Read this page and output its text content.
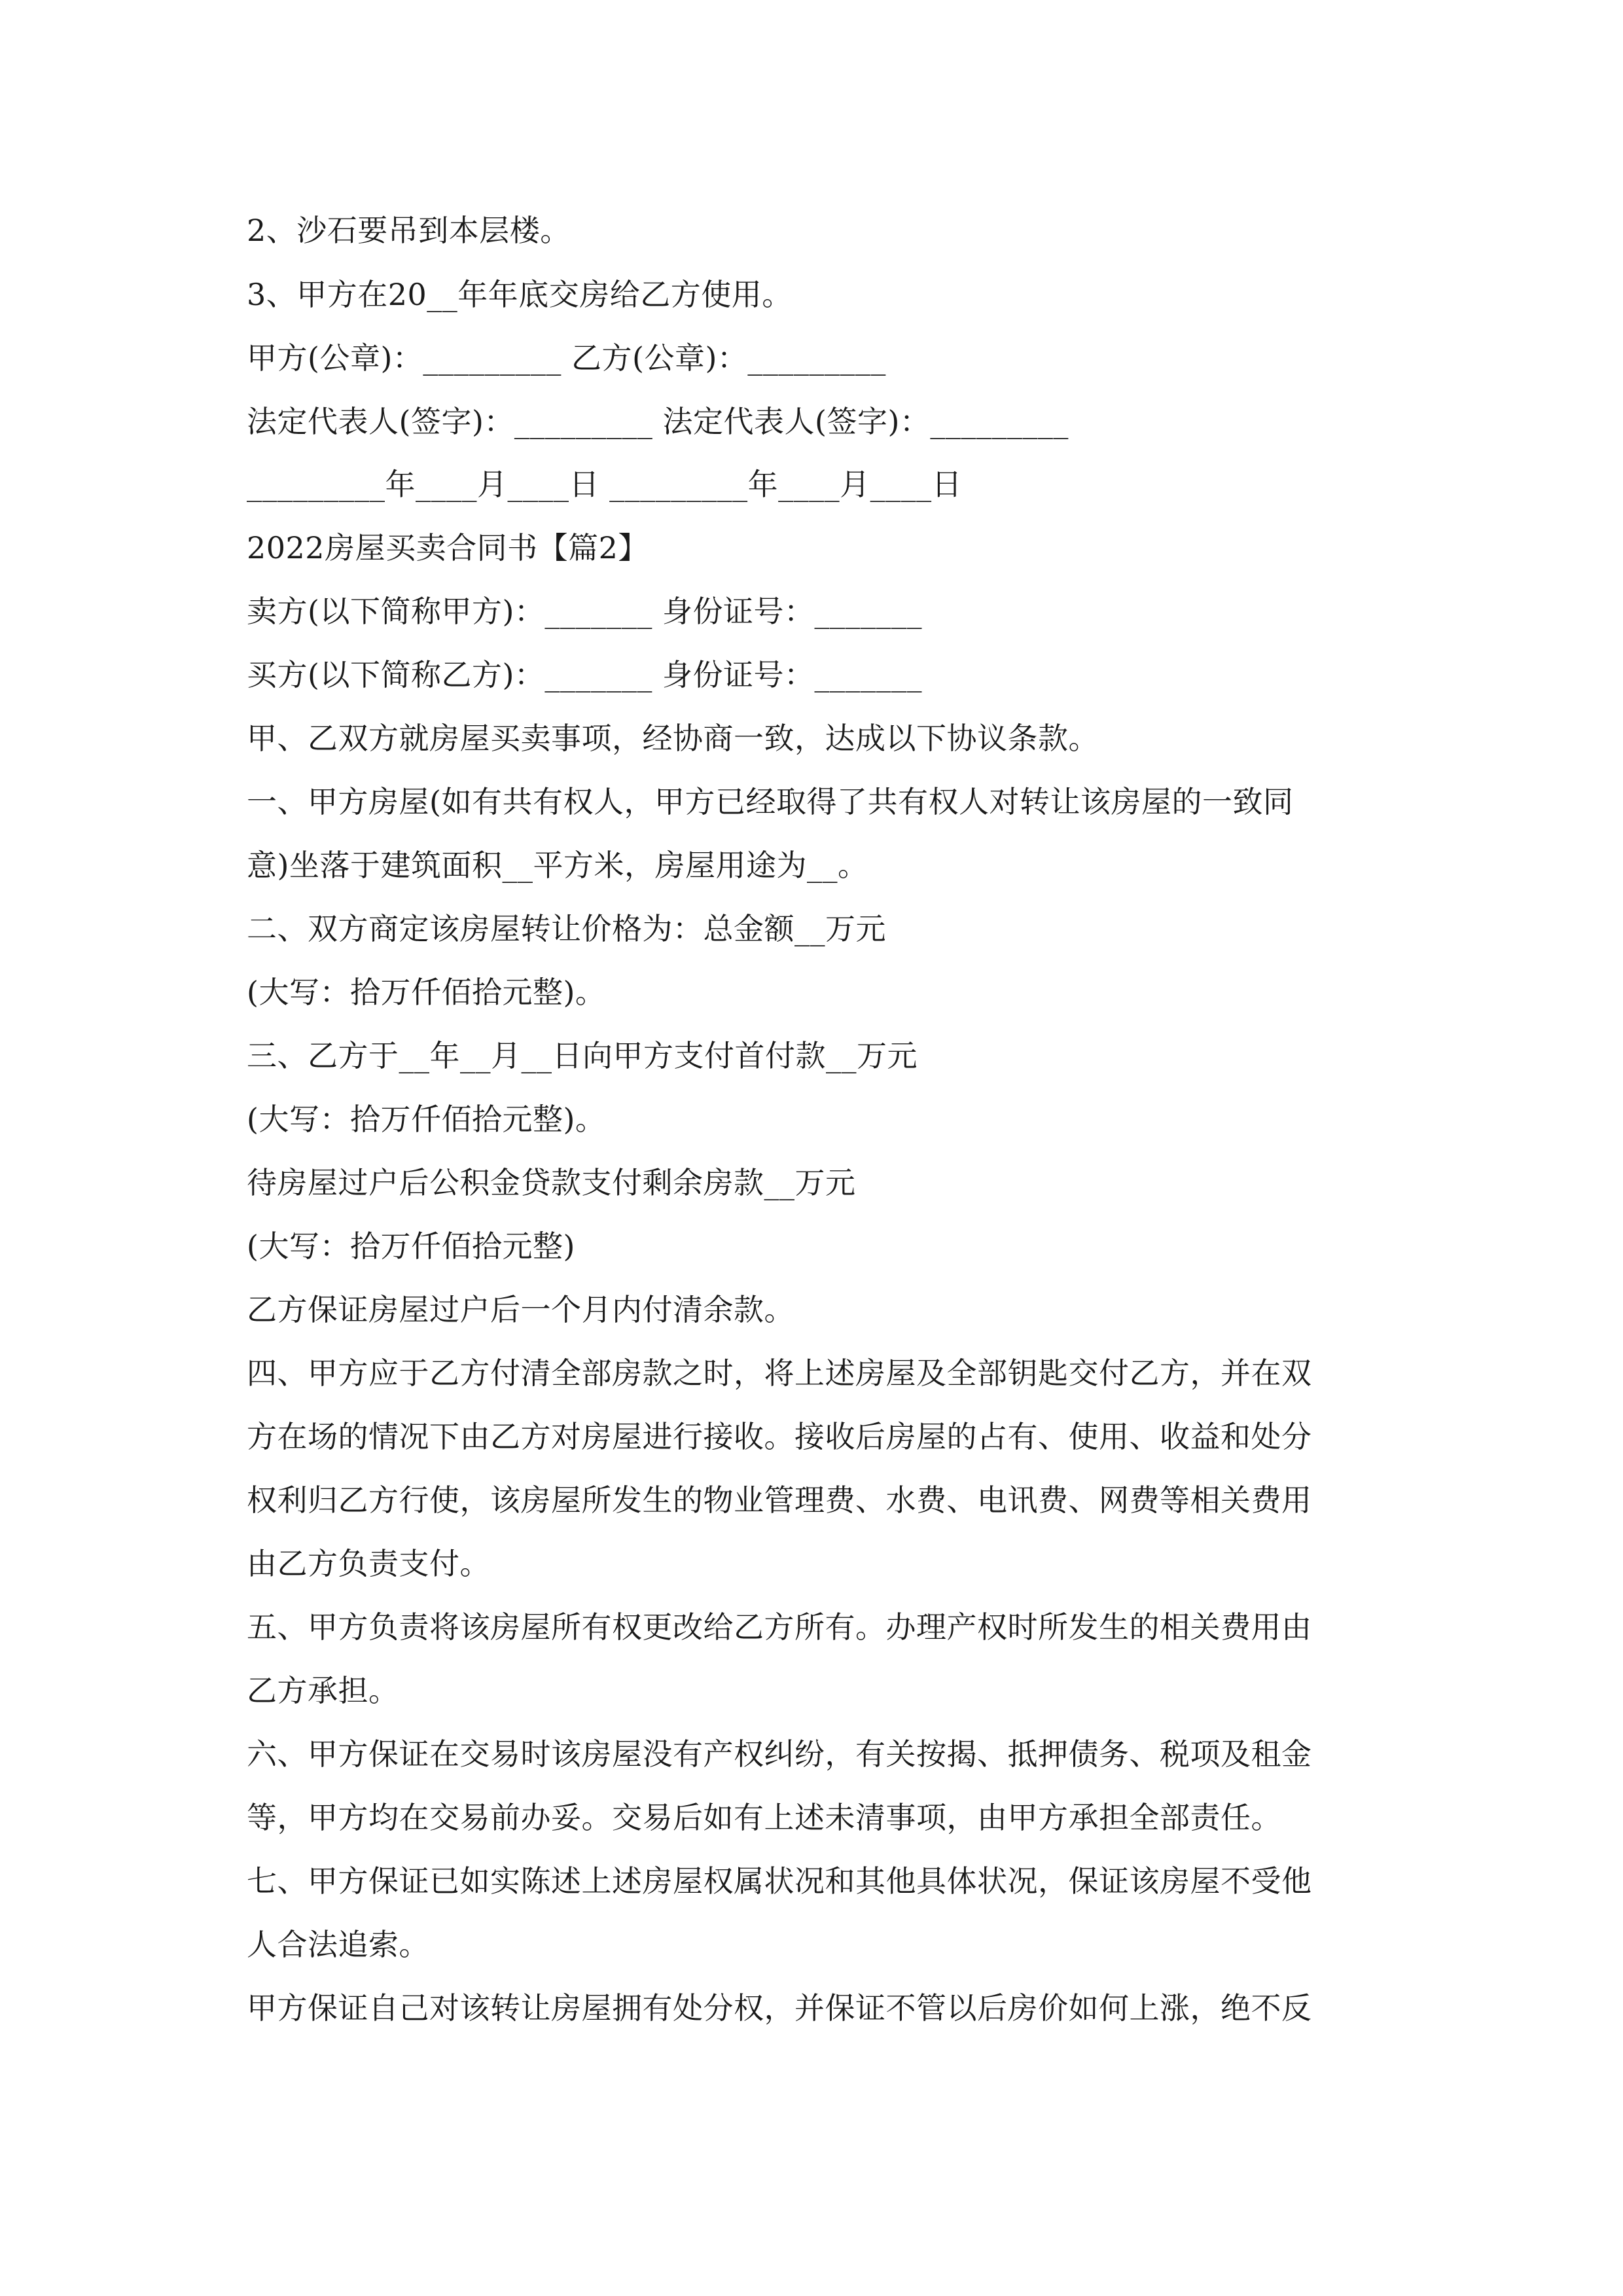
2、沙石要吊到本层楼。
3、甲方在20__年年底交房给乙方使用。
甲方(公章)：_________ 乙方(公章)：_________
法定代表人(签字)：_________ 法定代表人(签字)：_________
_________年____月____日 _________年____月____日
2022房屋买卖合同书【篇2】
卖方(以下简称甲方)：_______ 身份证号：_______
买方(以下简称乙方)：_______ 身份证号：_______
甲、乙双方就房屋买卖事项，经协商一致，达成以下协议条款。
一、甲方房屋(如有共有权人，甲方已经取得了共有权人对转让该房屋的一致同
意)坐落于建筑面积__平方米，房屋用途为__。
二、双方商定该房屋转让价格为：总金额__万元
(大写：拾万仟佰拾元整)。
三、乙方于__年__月__日向甲方支付首付款__万元
(大写：拾万仟佰拾元整)。
待房屋过户后公积金贷款支付剩余房款__万元
(大写：拾万仟佰拾元整)
乙方保证房屋过户后一个月内付清余款。
四、甲方应于乙方付清全部房款之时，将上述房屋及全部钥匙交付乙方，并在双
方在场的情况下由乙方对房屋进行接收。接收后房屋的占有、使用、收益和处分
权利归乙方行使，该房屋所发生的物业管理费、水费、电讯费、网费等相关费用
由乙方负责支付。
五、甲方负责将该房屋所有权更改给乙方所有。办理产权时所发生的相关费用由
乙方承担。
六、甲方保证在交易时该房屋没有产权纠纷，有关按揭、抵押债务、税项及租金
等，甲方均在交易前办妥。交易后如有上述未清事项，由甲方承担全部责任。
七、甲方保证已如实陈述上述房屋权属状况和其他具体状况，保证该房屋不受他
人合法追索。
甲方保证自己对该转让房屋拥有处分权，并保证不管以后房价如何上涨，绝不反
